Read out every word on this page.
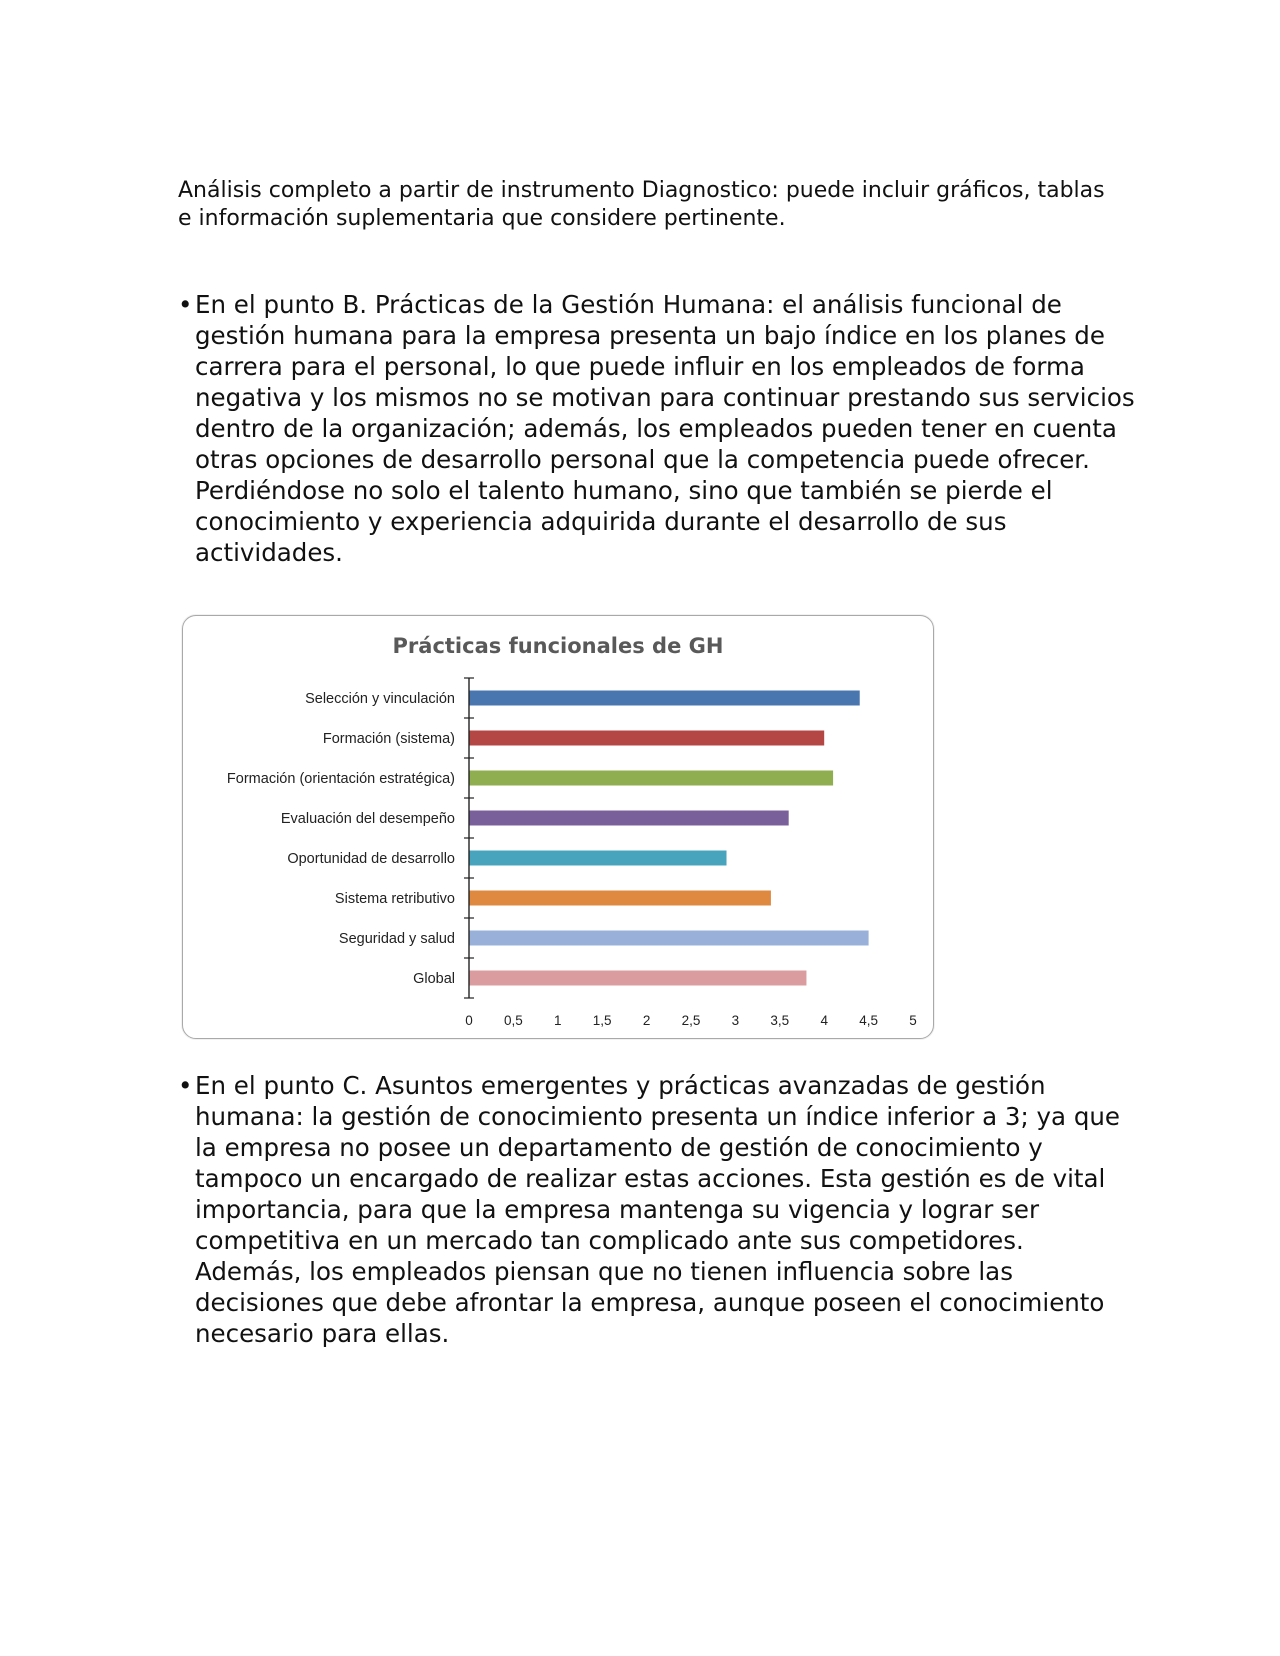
Análisis completo a partir de instrumento Diagnostico: puede incluir gráficos, tablas e información suplementaria que considere pertinente.

• En el punto B. Prácticas de la Gestión Humana: el análisis funcional de gestión humana para la empresa presenta un bajo índice en los planes de carrera para el personal, lo que puede influir en los empleados de forma negativa y los mismos no se motivan para continuar prestando sus servicios dentro de la organización; además, los empleados pueden tener en cuenta otras opciones de desarrollo personal que la competencia puede ofrecer. Perdiéndose no solo el talento humano, sino que también se pierde el conocimiento y experiencia adquirida durante el desarrollo de sus actividades.
Prácticas funcionales de GH
Selección y vinculación
Formación (sistema)
Formación (orientación estratégica)
Evaluación del desempeño
Oportunidad de desarrollo
Sistema retributivo
Seguridad y salud
Global
0 0,5 1 1,5 2 2,5 3 3,5 4 4,5 5
• En el punto C. Asuntos emergentes y prácticas avanzadas de gestión humana: la gestión de conocimiento presenta un índice inferior a 3; ya que la empresa no posee un departamento de gestión de conocimiento y tampoco un encargado de realizar estas acciones. Esta gestión es de vital importancia, para que la empresa mantenga su vigencia y lograr ser competitiva en un mercado tan complicado ante sus competidores. Además, los empleados piensan que no tienen influencia sobre las decisiones que debe afrontar la empresa, aunque poseen el conocimiento necesario para ellas.
